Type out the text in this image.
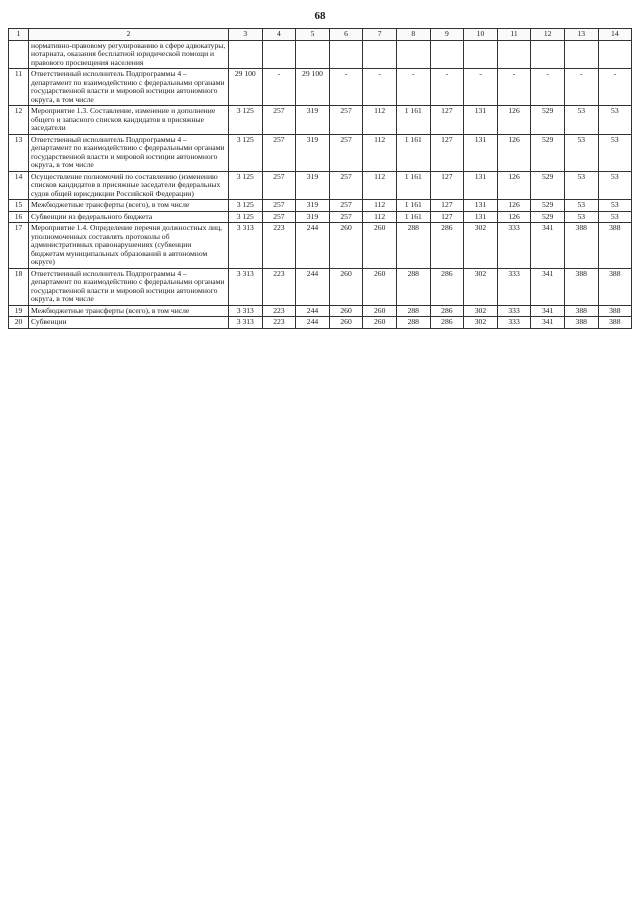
68
1	2	3	4	5	6	7	8	9	10	11	12	13	14
	нормативно-правовому регулированию в сфере адвокатуры, нотариата, оказания бесплатной юридической помощи и правового просвещения населения												
11	Ответственный исполнитель Подпрограммы 4 – департамент по взаимодействию с федеральными органами государственной власти и мировой юстиции автономного округа, в том числе	29 100	-	29 100	-	-	-	-	-	-	-	-	-
12	Мероприятие 1.3. Составление, изменение и дополнение общего и запасного списков кандидатов в присяжные заседатели	3 125	257	319	257	112	1 161	127	131	126	529	53	53
13	Ответственный исполнитель Подпрограммы 4 – департамент по взаимодействию с федеральными органами государственной власти и мировой юстиции автономного округа, в том числе	3 125	257	319	257	112	1 161	127	131	126	529	53	53
14	Осуществление полномочий по составлению (изменению списков кандидатов в присяжные заседатели федеральных судов общей юрисдикции Российской Федерации)	3 125	257	319	257	112	1 161	127	131	126	529	53	53
15	Межбюджетные трансферты (всего), в том числе	3 125	257	319	257	112	1 161	127	131	126	529	53	53
16	Субвенции из федерального бюджета	3 125	257	319	257	112	1 161	127	131	126	529	53	53
17	Мероприятие 1.4. Определение перечня должностных лиц, уполномоченных составлять протоколы об административных правонарушениях (субвенции бюджетам муниципальных образований в автономном округе)	3 313	223	244	260	260	288	286	302	333	341	388	388
18	Ответственный исполнитель Подпрограммы 4 – департамент по взаимодействию с федеральными органами государственной власти и мировой юстиции автономного округа, в том числе	3 313	223	244	260	260	288	286	302	333	341	388	388
19	Межбюджетные трансферты (всего), в том числе	3 313	223	244	260	260	288	286	302	333	341	388	388
20	Субвенции	3 313	223	244	260	260	288	286	302	333	341	388	388
